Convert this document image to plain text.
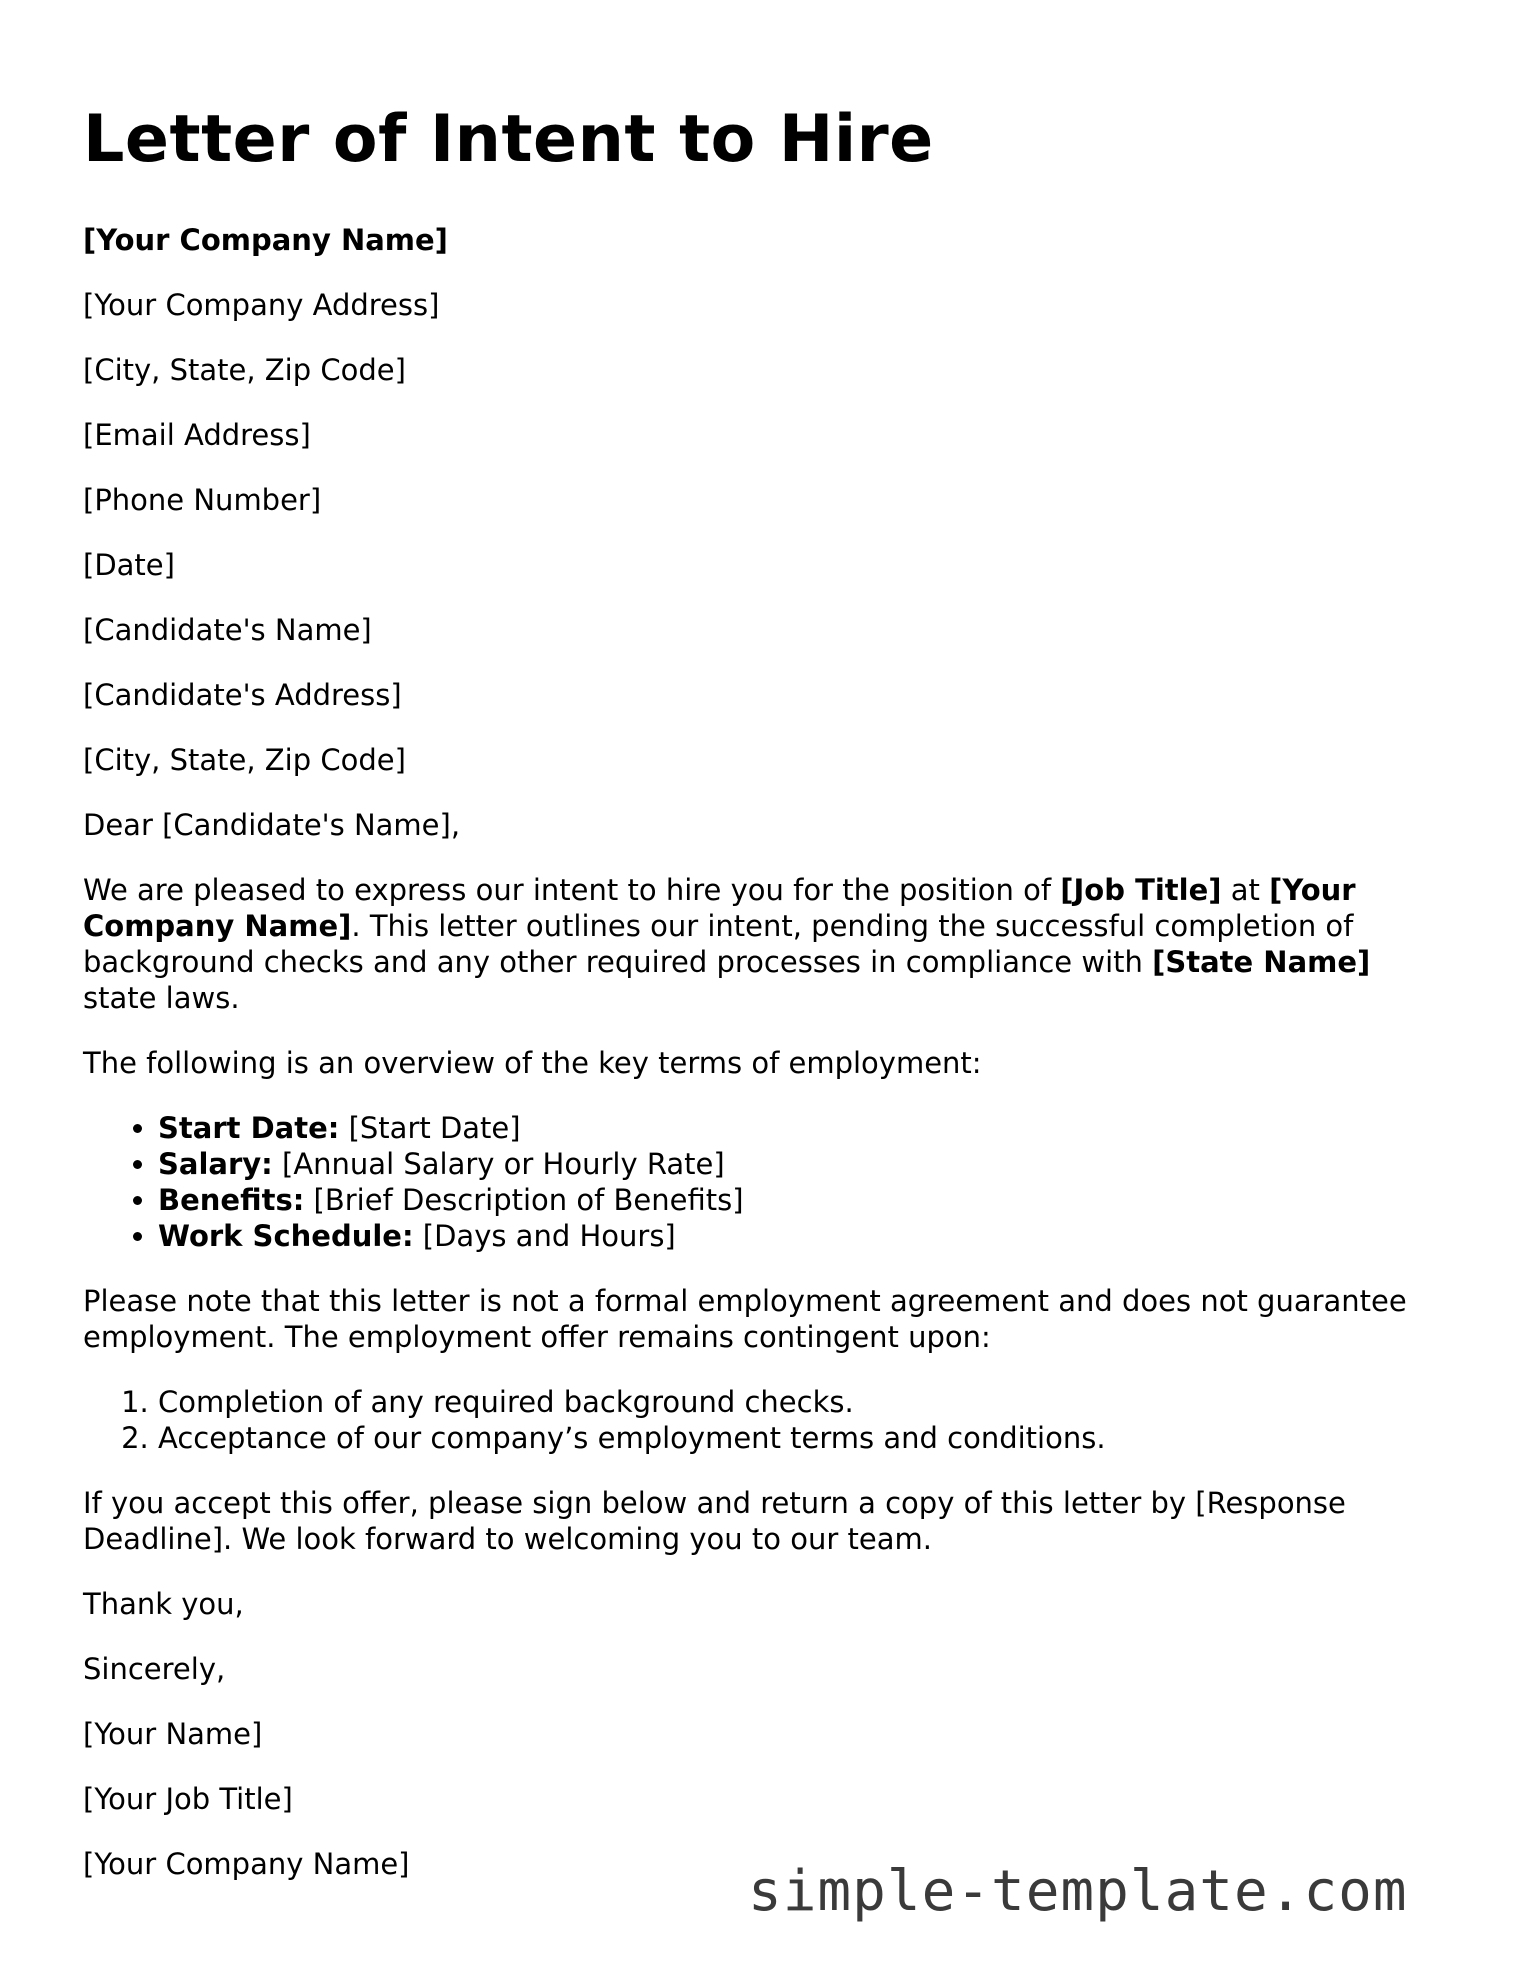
Letter of Intent to Hire

[Your Company Name]

[Your Company Address]

[City, State, Zip Code]

[Email Address]

[Phone Number]

[Date]

[Candidate's Name]

[Candidate's Address]

[City, State, Zip Code]

Dear [Candidate's Name],

We are pleased to express our intent to hire you for the position of [Job Title] at [Your Company Name]. This letter outlines our intent, pending the successful completion of background checks and any other required processes in compliance with [State Name] state laws.

The following is an overview of the key terms of employment:

• Start Date: [Start Date]
• Salary: [Annual Salary or Hourly Rate]
• Benefits: [Brief Description of Benefits]
• Work Schedule: [Days and Hours]

Please note that this letter is not a formal employment agreement and does not guarantee employment. The employment offer remains contingent upon:

1. Completion of any required background checks.
2. Acceptance of our company’s employment terms and conditions.

If you accept this offer, please sign below and return a copy of this letter by [Response Deadline]. We look forward to welcoming you to our team.

Thank you,

Sincerely,

[Your Name]

[Your Job Title]

[Your Company Name]	simple-template.com
